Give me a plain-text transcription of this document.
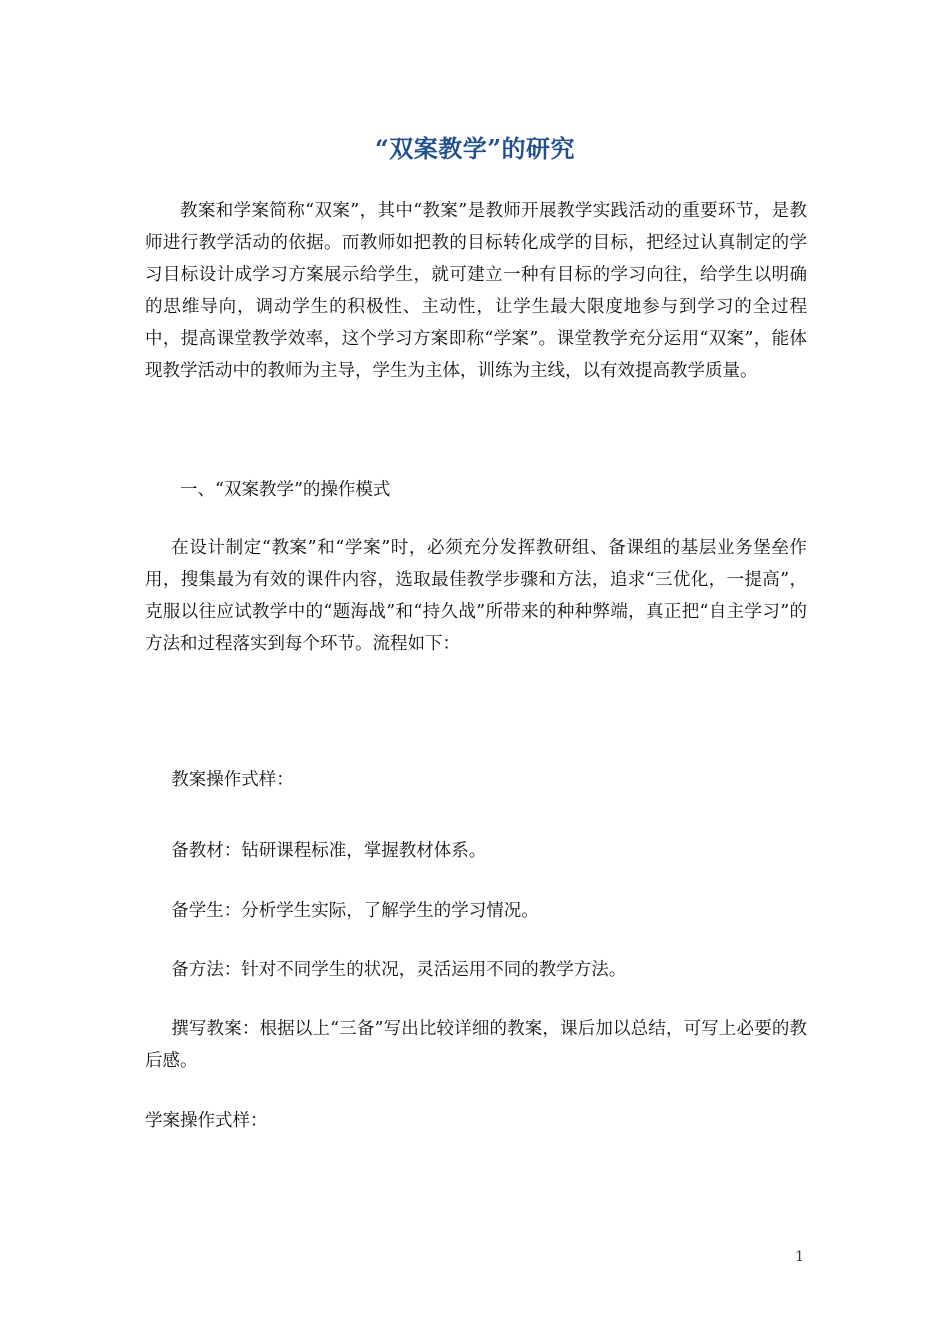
“双案教学”的研究

教案和学案简称“双案”，其中“教案”是教师开展教学实践活动的重要环节，是教师进行教学活动的依据。而教师如把教的目标转化成学的目标，把经过认真制定的学习目标设计成学习方案展示给学生，就可建立一种有目标的学习向往，给学生以明确的思维导向，调动学生的积极性、主动性，让学生最大限度地参与到学习的全过程中，提高课堂教学效率，这个学习方案即称“学案”。课堂教学充分运用“双案”，能体现教学活动中的教师为主导，学生为主体，训练为主线，以有效提高教学质量。

一、“双案教学”的操作模式

在设计制定“教案”和“学案”时，必须充分发挥教研组、备课组的基层业务堡垒作用，搜集最为有效的课件内容，选取最佳教学步骤和方法，追求“三优化，一提高”，克服以往应试教学中的“题海战”和“持久战”所带来的种种弊端，真正把“自主学习”的方法和过程落实到每个环节。流程如下：

教案操作式样：

备教材：钻研课程标准，掌握教材体系。

备学生：分析学生实际，了解学生的学习情况。

备方法：针对不同学生的状况，灵活运用不同的教学方法。

撰写教案：根据以上“三备”写出比较详细的教案，课后加以总结，可写上必要的教后感。

学案操作式样：

1
